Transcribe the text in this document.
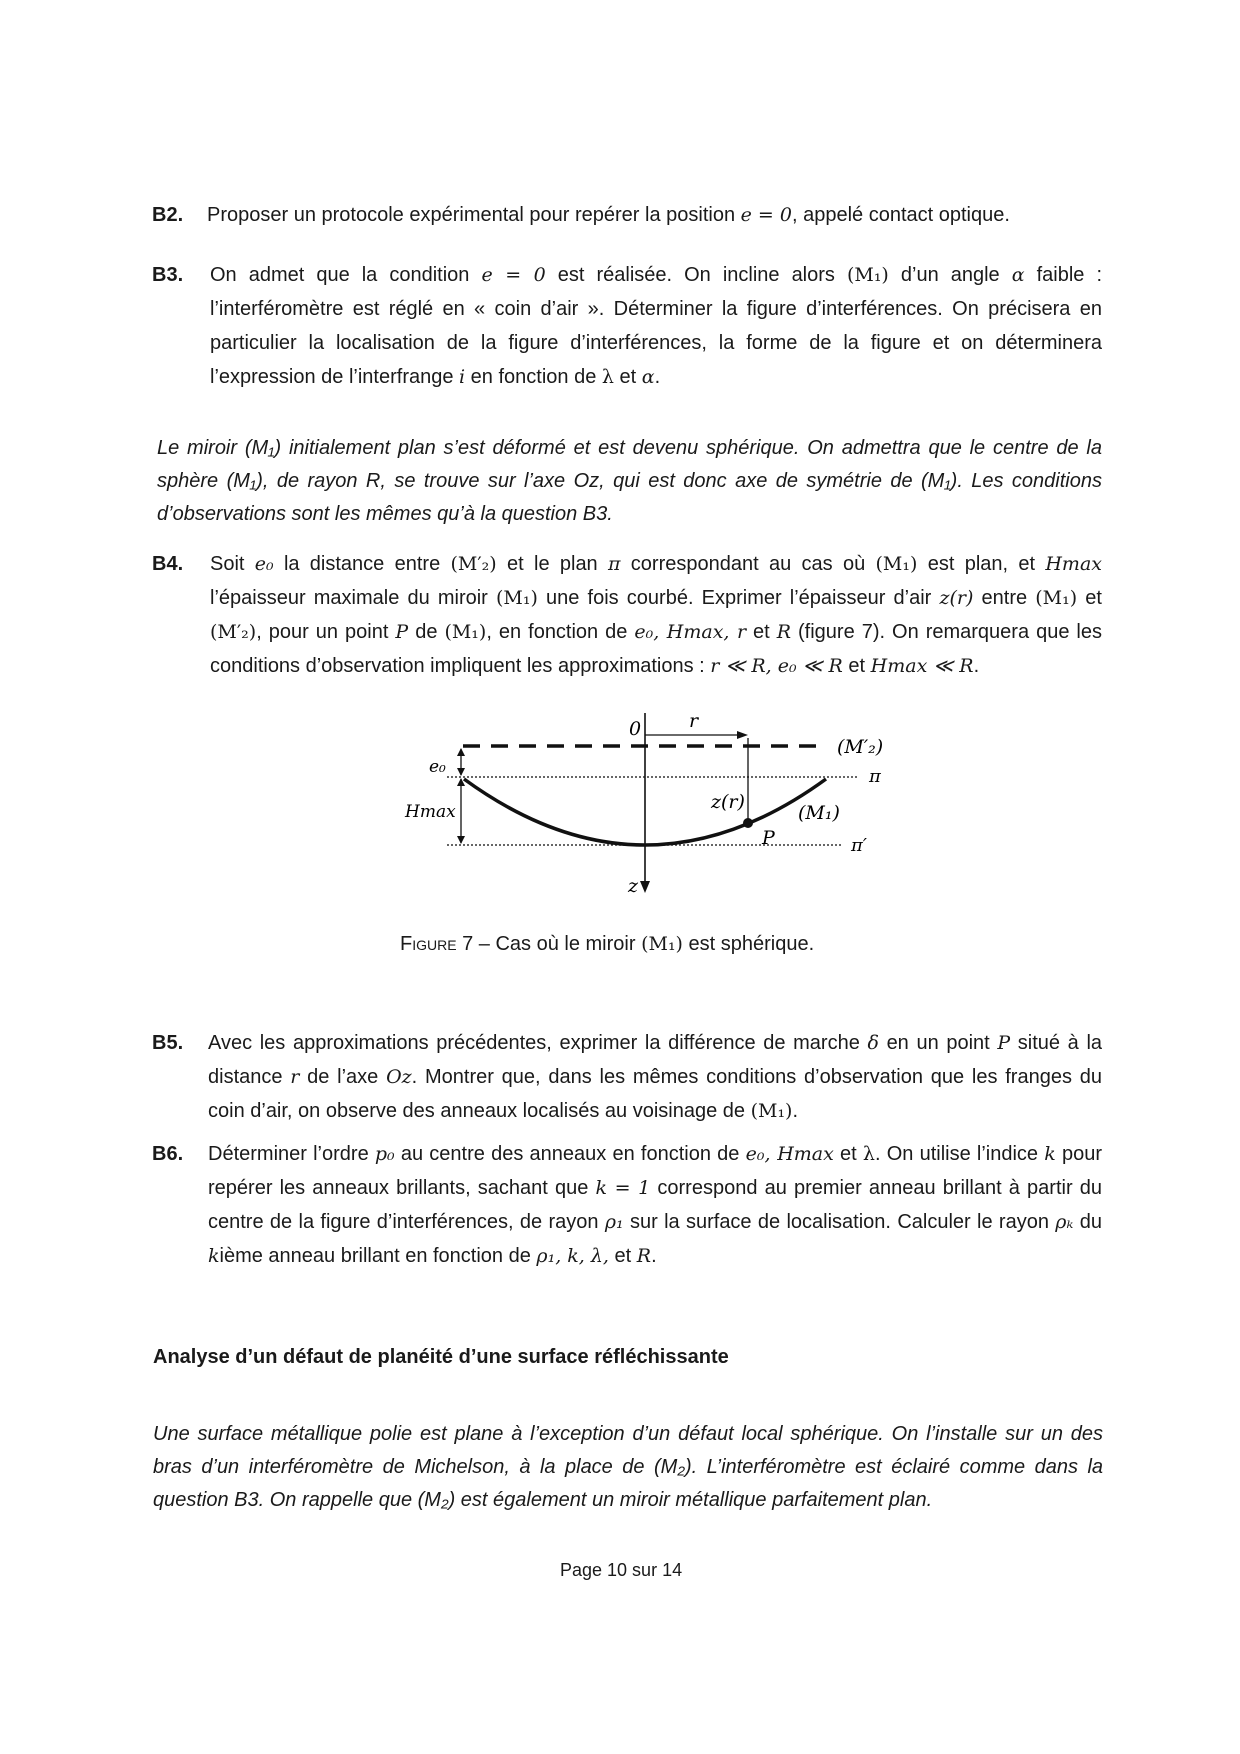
B2. Proposer un protocole expérimental pour repérer la position e = 0, appelé contact optique.
B3. On admet que la condition e = 0 est réalisée. On incline alors (M₁) d’un angle α faible : l’interféromètre est réglé en « coin d’air ». Déterminer la figure d’interférences. On précisera en particulier la localisation de la figure d’interférences, la forme de la figure et on déterminera l’expression de l’interfrange i en fonction de λ et α.
Le miroir (M₁) initialement plan s’est déformé et est devenu sphérique. On admettra que le centre de la sphère (M₁), de rayon R, se trouve sur l’axe Oz, qui est donc axe de symétrie de (M₁). Les conditions d’observations sont les mêmes qu’à la question B3.
B4. Soit e₀ la distance entre (M′₂) et le plan π correspondant au cas où (M₁) est plan, et Hmax l’épaisseur maximale du miroir (M₁) une fois courbé. Exprimer l’épaisseur d’air z(r) entre (M₁) et (M′₂), pour un point P de (M₁), en fonction de e₀, Hmax, r et R (figure 7). On remarquera que les conditions d’observation impliquent les approximations : r ≪ R, e₀ ≪ R et Hmax ≪ R.
0	r
(M′₂)
π
π′
e₀
Hmax	z(r)	(M₁)
P
z
Figure 7 – Cas où le miroir (M₁) est sphérique.
B5. Avec les approximations précédentes, exprimer la différence de marche δ en un point P situé à la distance r de l’axe Oz. Montrer que, dans les mêmes conditions d’observation que les franges du coin d’air, on observe des anneaux localisés au voisinage de (M₁).
B6. Déterminer l’ordre p₀ au centre des anneaux en fonction de e₀, Hmax et λ. On utilise l’indice k pour repérer les anneaux brillants, sachant que k = 1 correspond au premier anneau brillant à partir du centre de la figure d’interférences, de rayon ρ₁ sur la surface de localisation. Calculer le rayon ρₖ du kième anneau brillant en fonction de ρ₁, k, λ, et R.
Analyse d’un défaut de planéité d’une surface réfléchissante
Une surface métallique polie est plane à l’exception d’un défaut local sphérique. On l’installe sur un des bras d’un interféromètre de Michelson, à la place de (M₂). L’interféromètre est éclairé comme dans la question B3. On rappelle que (M₂) est également un miroir métallique parfaitement plan.
Page 10 sur 14
